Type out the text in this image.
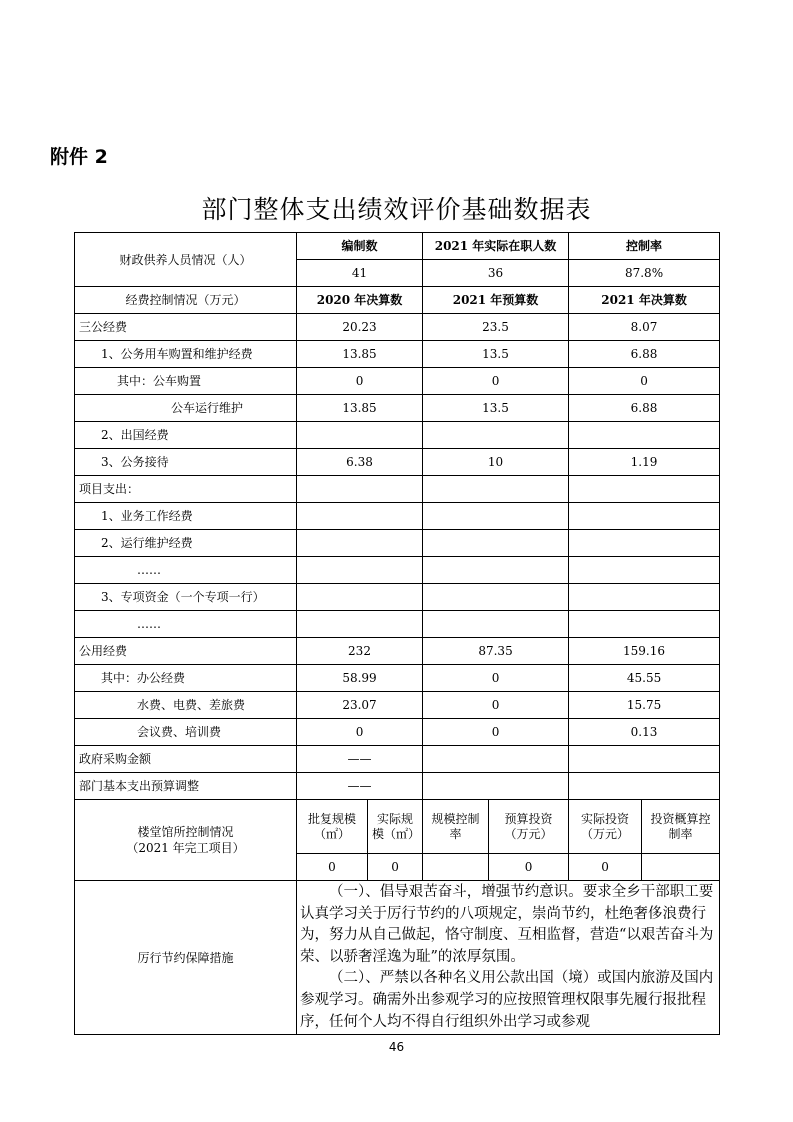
附件 2
部门整体支出绩效评价基础数据表
财政供养人员情况（人）	编制数		2021 年实际在职人数		控制率	
	41		36		87.8%	
经费控制情况（万元）	2020 年决算数		2021 年预算数		2021 年决算数	
三公经费	20.23		23.5		8.07	
1、公务用车购置和维护经费	13.85		13.5		6.88	
其中：公车购置	0		0		0	
公车运行维护	13.85		13.5		6.88	
2、出国经费						
3、公务接待	6.38		10		1.19	
项目支出：						
1、业务工作经费						
2、运行维护经费						
……						
3、专项资金（一个专项一行）						
……						
公用经费	232		87.35		159.16	
其中：办公经费	58.99		0		45.55	
水费、电费、差旅费	23.07		0		15.75	
会议费、培训费	0		0		0.13	
政府采购金额	——					
部门基本支出预算调整	——					

楼堂馆所控制情况
（2021 年完工项目）	批复规模（㎡）	实际规模（㎡）	规模控制率	预算投资（万元）	实际投资（万元）	投资概算控制率
	0	0		0	0	
厉行节约保障措施	（一）、倡导艰苦奋斗，增强节约意识。要求全乡干部职工要认真学习关于厉行节约的八项规定，崇尚节约，杜绝奢侈浪费行为，努力从自己做起，恪守制度、互相监督，营造“以艰苦奋斗为荣、以骄奢淫逸为耻”的浓厚氛围。

（二）、严禁以各种名义用公款出国（境）或国内旅游及国内参观学习。确需外出参观学习的应按照管理权限事先履行报批程序，任何个人均不得自行组织外出学习或参观					

46
